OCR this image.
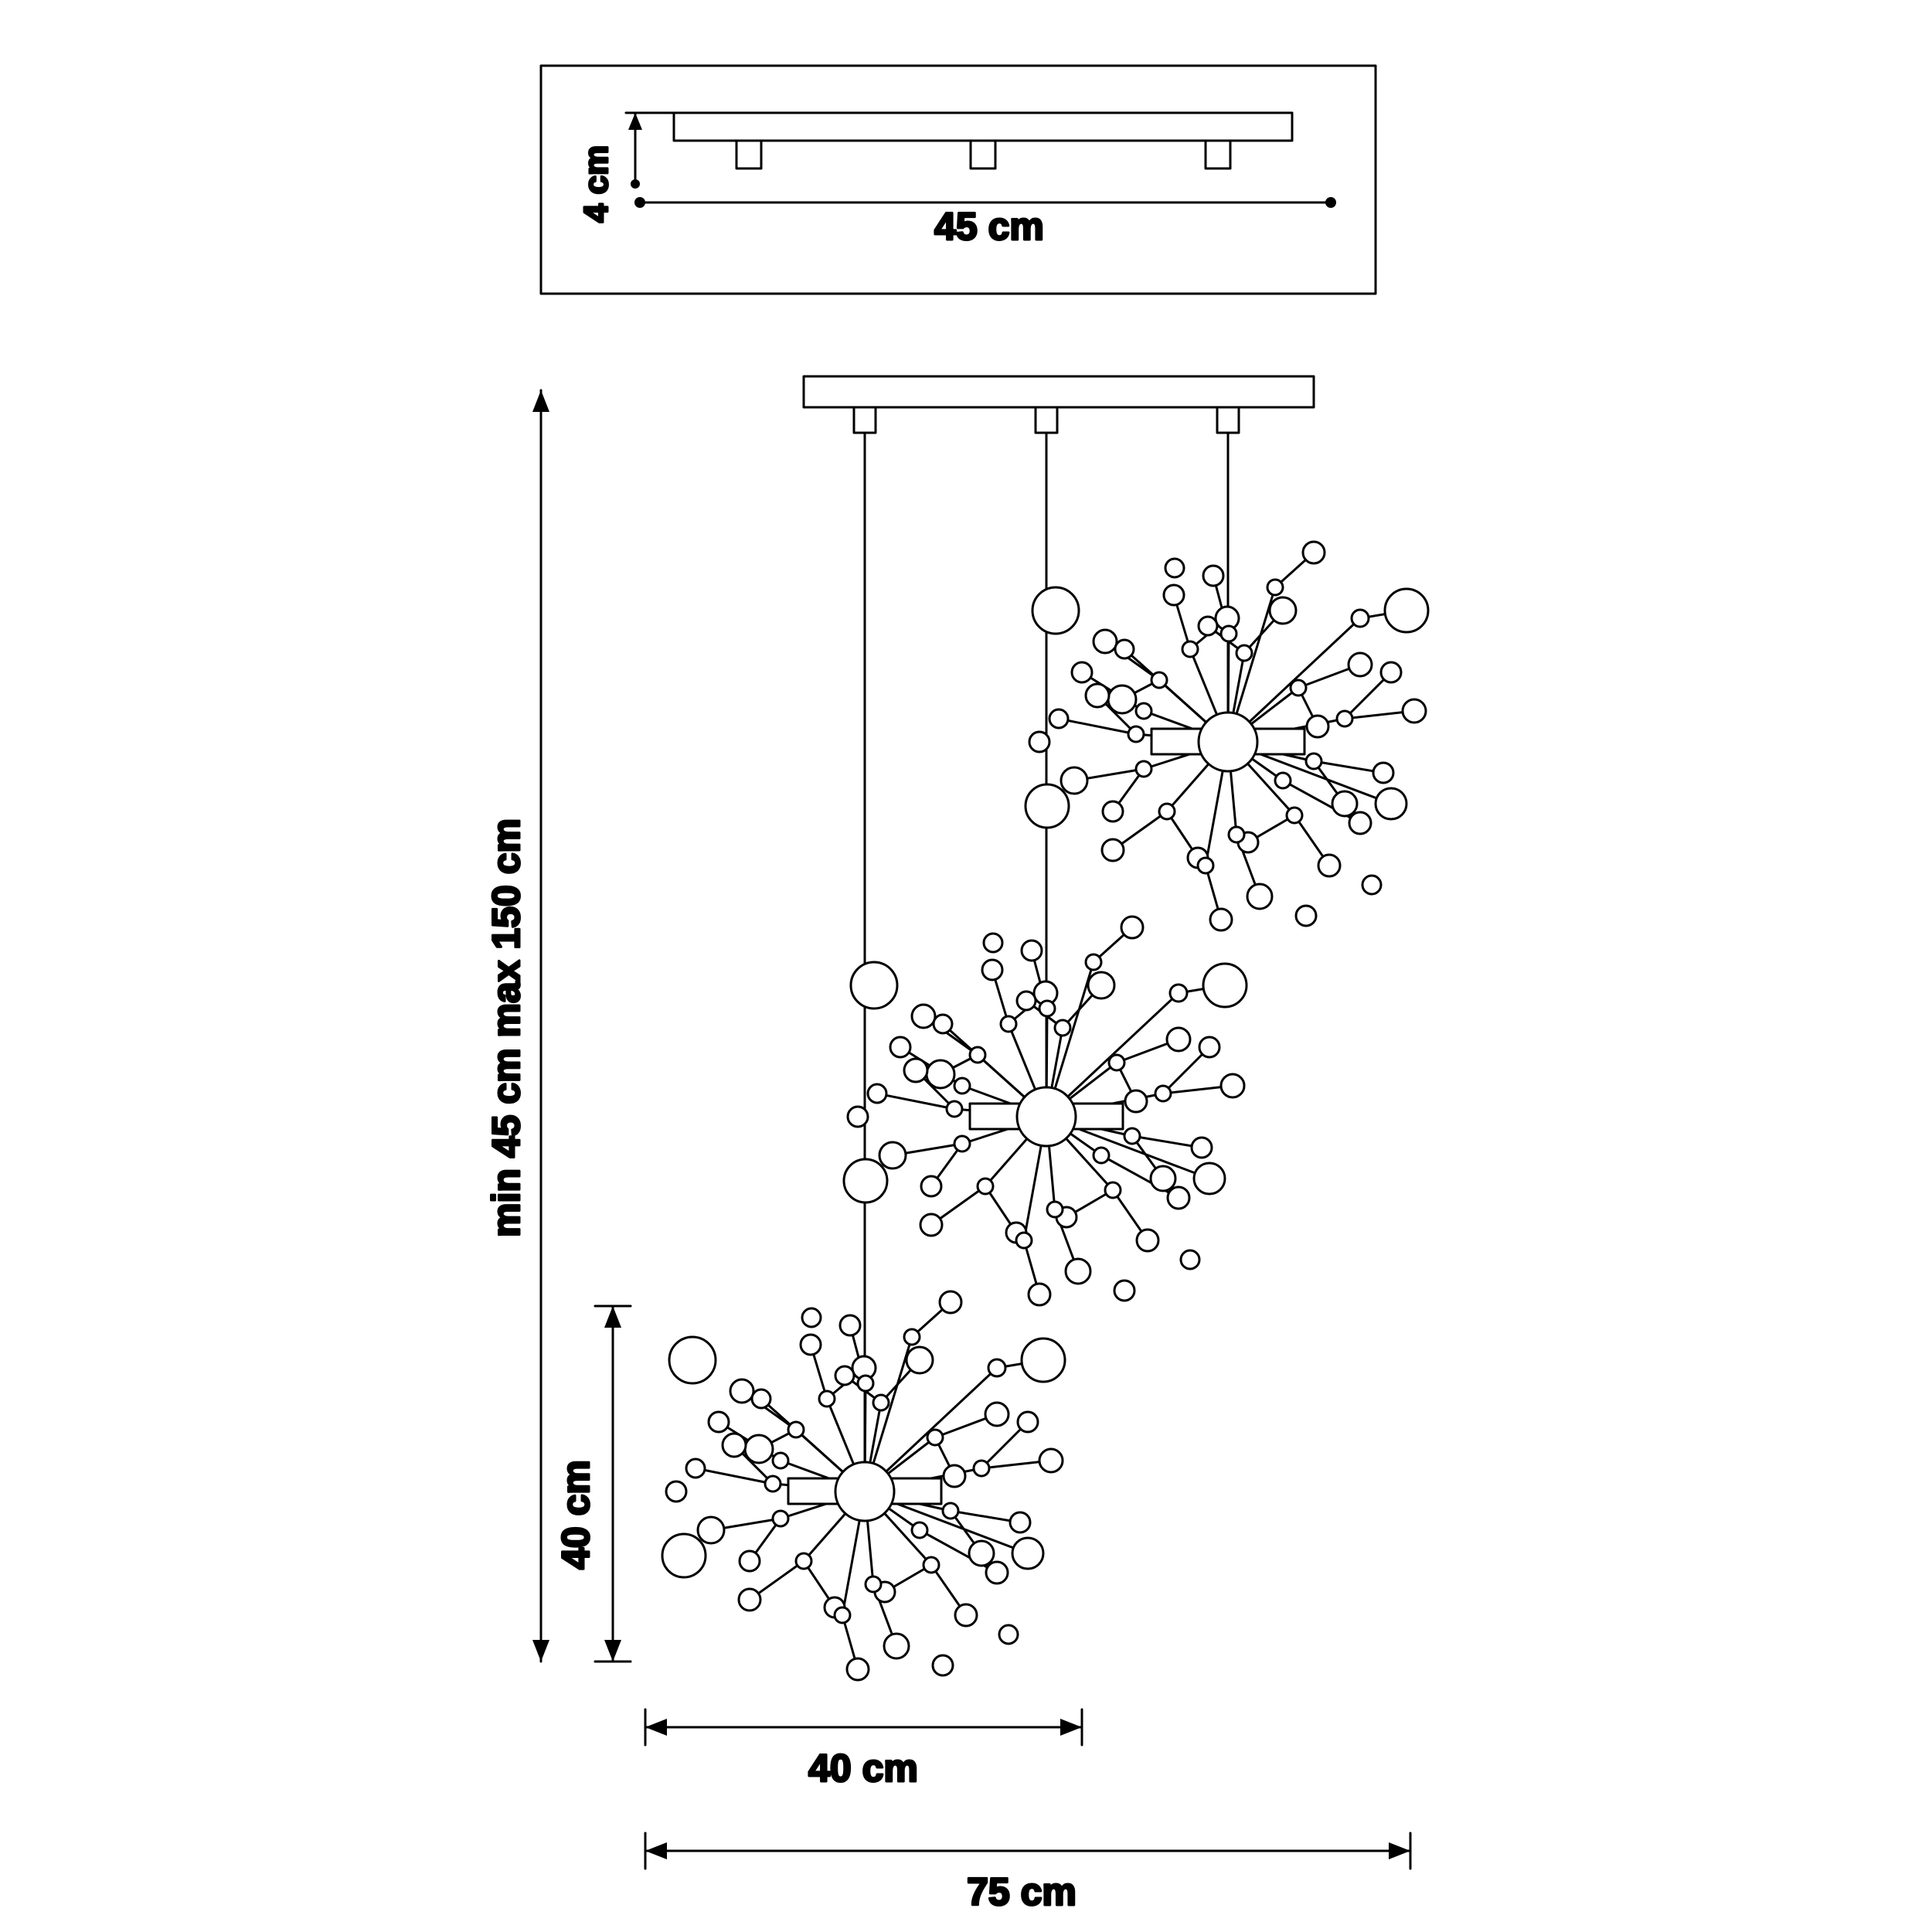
4 cm
45 cm
min 45 cm max 150 cm
40 cm
40 cm
75 cm
